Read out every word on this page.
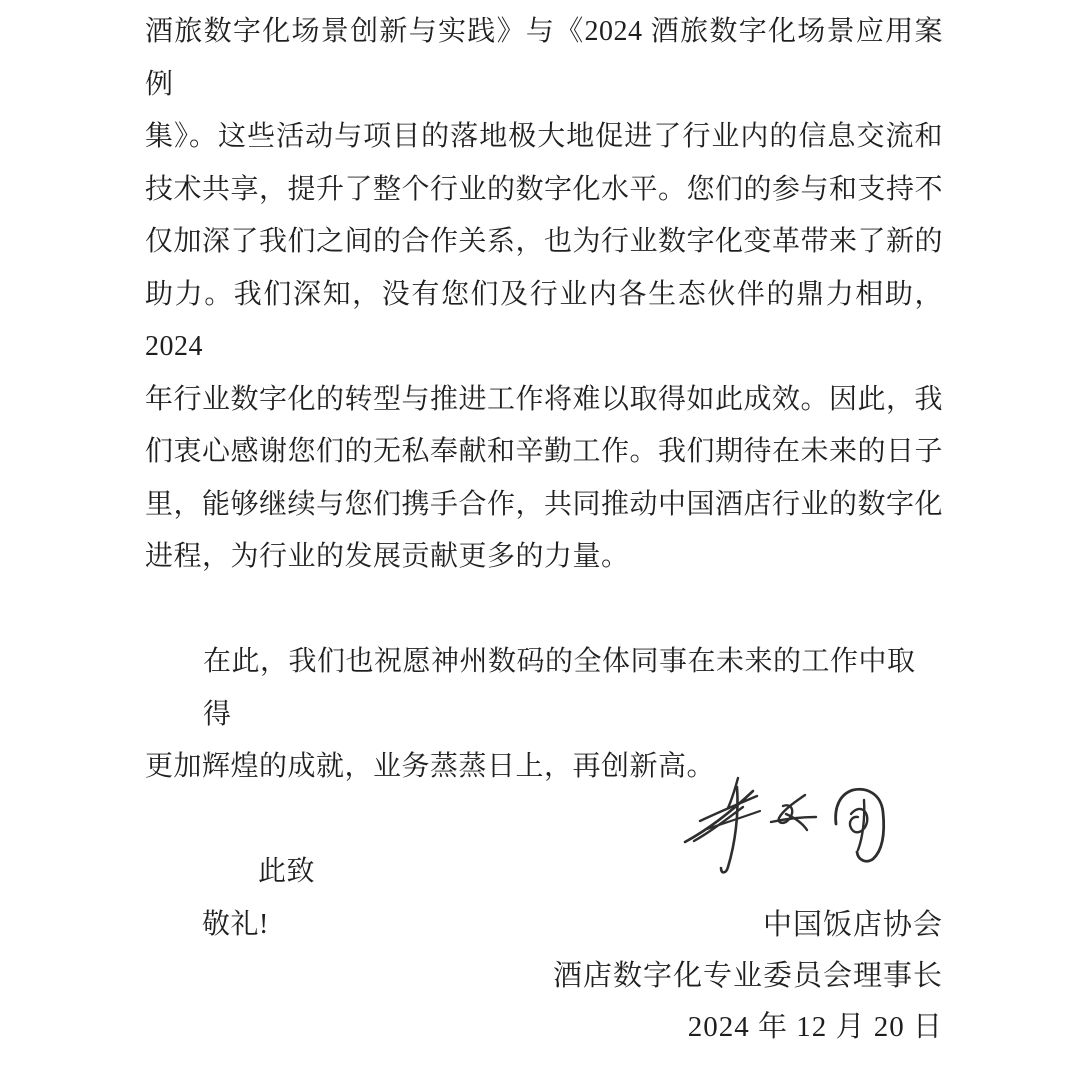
酒旅数字化场景创新与实践》与《2024 酒旅数字化场景应用案例
集》。这些活动与项目的落地极大地促进了行业内的信息交流和
技术共享，提升了整个行业的数字化水平。您们的参与和支持不
仅加深了我们之间的合作关系，也为行业数字化变革带来了新的
助力。我们深知，没有您们及行业内各生态伙伴的鼎力相助，2024
年行业数字化的转型与推进工作将难以取得如此成效。因此，我
们衷心感谢您们的无私奉献和辛勤工作。我们期待在未来的日子
里，能够继续与您们携手合作，共同推动中国酒店行业的数字化
进程，为行业的发展贡献更多的力量。
在此，我们也祝愿神州数码的全体同事在未来的工作中取得
更加辉煌的成就，业务蒸蒸日上，再创新高。
此致
敬礼!	中国饭店协会
酒店数字化专业委员会理事长
2024 年 12 月 20 日
